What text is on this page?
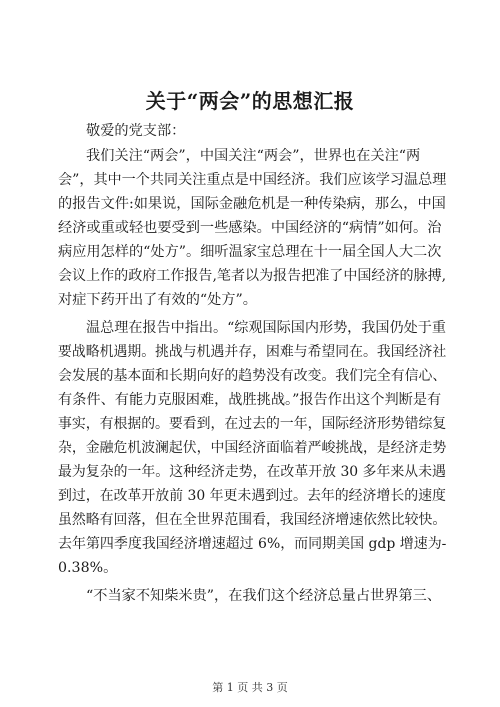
关于“两会”的思想汇报
敬爱的党支部：
我们关注“两会”，中国关注“两会”，世界也在关注“两
会”，其中一个共同关注重点是中国经济。我们应该学习温总理
的报告文件:如果说，国际金融危机是一种传染病，那么，中国
经济或重或轻也要受到一些感染。中国经济的“病情”如何。治
病应用怎样的“处方”。细听温家宝总理在十一届全国人大二次
会议上作的政府工作报告,笔者以为报告把准了中国经济的脉搏,
对症下药开出了有效的“处方”。
温总理在报告中指出。“综观国际国内形势，我国仍处于重
要战略机遇期。挑战与机遇并存，困难与希望同在。我国经济社
会发展的基本面和长期向好的趋势没有改变。我们完全有信心、
有条件、有能力克服困难，战胜挑战。”报告作出这个判断是有
事实，有根据的。要看到，在过去的一年，国际经济形势错综复
杂，金融危机波澜起伏，中国经济面临着严峻挑战，是经济走势
最为复杂的一年。这种经济走势，在改革开放 30 多年来从未遇
到过，在改革开放前 30 年更未遇到过。去年的经济增长的速度
虽然略有回落，但在全世界范围看，我国经济增速依然比较快。
去年第四季度我国经济增速超过 6%，而同期美国 gdp 增速为-
0.38%。
“不当家不知柴米贵”，在我们这个经济总量占世界第三、
第 1 页 共 3 页
